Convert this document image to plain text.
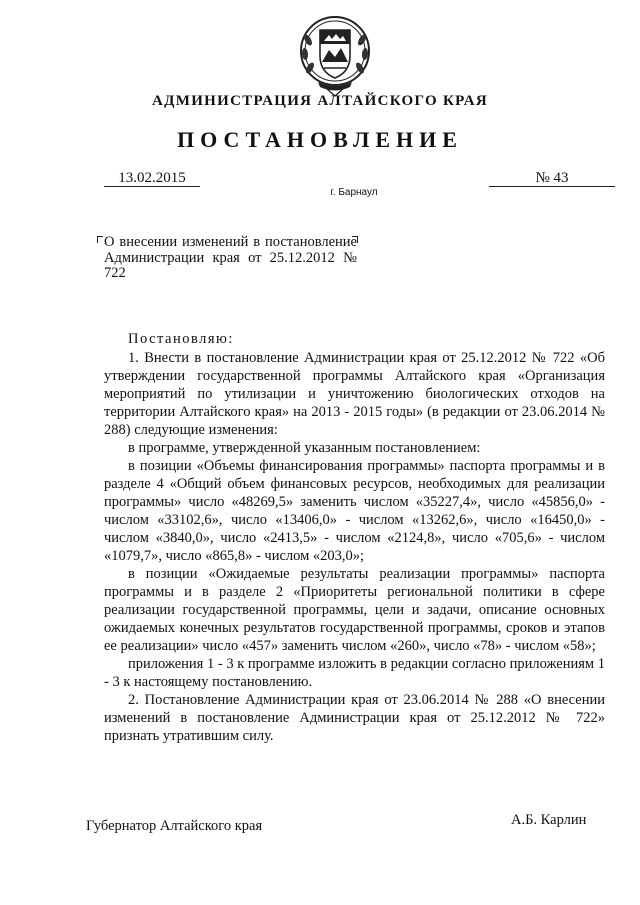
АДМИНИСТРАЦИЯ АЛТАЙСКОГО КРАЯ
ПОСТАНОВЛЕНИЕ
13.02.2015	№ 43
г. Барнаул
О внесении изменений в постановление Администрации края от 25.12.2012 № 722

Постановляю:

1. Внести в постановление Администрации края от 25.12.2012 № 722 «Об утверждении государственной программы Алтайского края «Организация мероприятий по утилизации и уничтожению биологических отходов на территории Алтайского края» на 2013 - 2015 годы» (в редакции от 23.06.2014 № 288) следующие изменения:

в программе, утвержденной указанным постановлением:

в позиции «Объемы финансирования программы» паспорта программы и в разделе 4 «Общий объем финансовых ресурсов, необходимых для реализации программы» число «48269,5» заменить числом «35227,4», число «45856,0» - числом «33102,6», число «13406,0» - числом «13262,6», число «16450,0» - числом «3840,0», число «2413,5» - числом «2124,8», число «705,6» - числом «1079,7», число «865,8» - числом «203,0»;

в позиции «Ожидаемые результаты реализации программы» паспорта программы и в разделе 2 «Приоритеты региональной политики в сфере реализации государственной программы, цели и задачи, описание основных ожидаемых конечных результатов государственной программы, сроков и этапов ее реализации» число «457» заменить числом «260», число «78» - числом «58»;

приложения 1 - 3 к программе изложить в редакции согласно приложениям 1 - 3 к настоящему постановлению.

2. Постановление Администрации края от 23.06.2014 № 288 «О внесении изменений в постановление Администрации края от 25.12.2012 № 722» признать утратившим силу.

Губернатор Алтайского края	А.Б. Карлин
